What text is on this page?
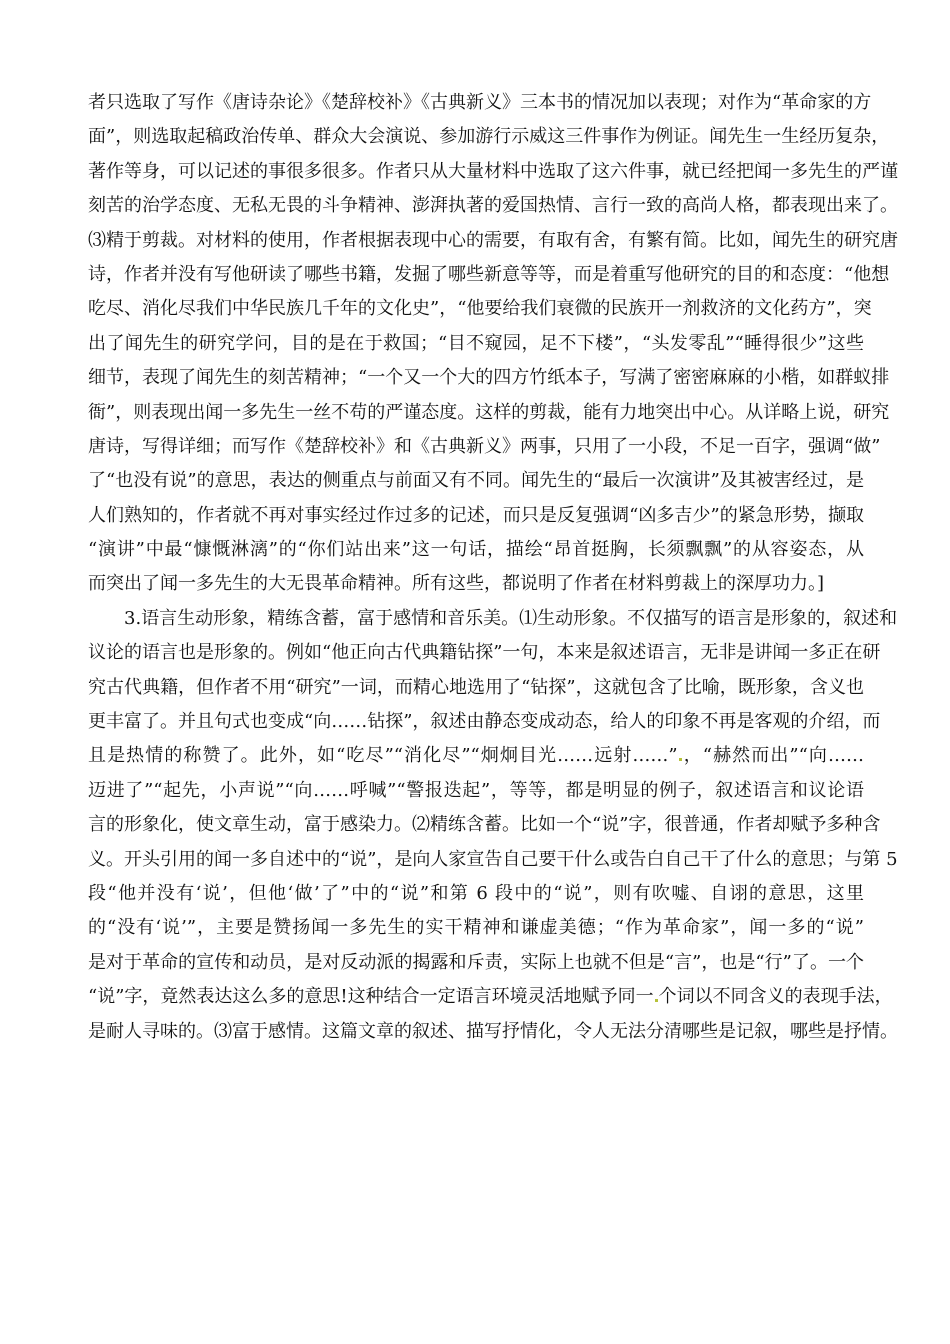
者只选取了写作《唐诗杂论》《楚辞校补》《古典新义》三本书的情况加以表现；对作为“革命家的方
面”，则选取起稿政治传单、群众大会演说、参加游行示威这三件事作为例证。闻先生一生经历复杂，
著作等身，可以记述的事很多很多。作者只从大量材料中选取了这六件事，就已经把闻一多先生的严谨
刻苦的治学态度、无私无畏的斗争精神、澎湃执著的爱国热情、言行一致的高尚人格，都表现出来了。
⑶精于剪裁。对材料的使用，作者根据表现中心的需要，有取有舍，有繁有简。比如，闻先生的研究唐
诗，作者并没有写他研读了哪些书籍，发掘了哪些新意等等，而是着重写他研究的目的和态度：“他想
吃尽、消化尽我们中华民族几千年的文化史”，“他要给我们衰微的民族开一剂救济的文化药方”，突
出了闻先生的研究学问，目的是在于救国；“目不窥园，足不下楼”，“头发零乱”“睡得很少”这些
细节，表现了闻先生的刻苦精神；“一个又一个大的四方竹纸本子，写满了密密麻麻的小楷，如群蚁排
衙”，则表现出闻一多先生一丝不苟的严谨态度。这样的剪裁，能有力地突出中心。从详略上说，研究
唐诗，写得详细；而写作《楚辞校补》和《古典新义》两事，只用了一小段，不足一百字，强调“做”
了“也没有说”的意思，表达的侧重点与前面又有不同。闻先生的“最后一次演讲”及其被害经过，是
人们熟知的，作者就不再对事实经过作过多的记述，而只是反复强调“凶多吉少”的紧急形势，撷取
“演讲”中最“慷慨淋漓”的“你们站出来”这一句话，描绘“昂首挺胸，长须飘飘”的从容姿态，从
而突出了闻一多先生的大无畏革命精神。所有这些，都说明了作者在材料剪裁上的深厚功力。]
3.语言生动形象，精练含蓄，富于感情和音乐美。⑴生动形象。不仅描写的语言是形象的，叙述和
议论的语言也是形象的。例如“他正向古代典籍钻探”一句，本来是叙述语言，无非是讲闻一多正在研
究古代典籍，但作者不用“研究”一词，而精心地选用了“钻探”，这就包含了比喻，既形象，含义也
更丰富了。并且句式也变成“向……钻探”，叙述由静态变成动态，给人的印象不再是客观的介绍，而
且是热情的称赞了。此外，如“吃尽”“消化尽”“炯炯目光……远射……” ，“赫然而出”“向……
迈进了”“起先，小声说”“向……呼喊”“警报迭起”，等等，都是明显的例子，叙述语言和议论语
言的形象化，使文章生动，富于感染力。⑵精练含蓄。比如一个“说”字，很普通，作者却赋予多种含
义。开头引用的闻一多自述中的“说”，是向人家宣告自己要干什么或告白自己干了什么的意思；与第 5
段“他并没有‘说’，但他‘做’了”中的“说”和第 6 段中的“说”，则有吹嘘、自诩的意思，这里
的“没有‘说’”，主要是赞扬闻一多先生的实干精神和谦虚美德；“作为革命家”，闻一多的“说”
是对于革命的宣传和动员，是对反动派的揭露和斥责，实际上也就不但是“言”，也是“行”了。一个
“说”字，竟然表达这么多的意思!这种结合一定语言环境灵活地赋予同一 个词以不同含义的表现手法，
是耐人寻味的。⑶富于感情。这篇文章的叙述、描写抒情化，令人无法分清哪些是记叙，哪些是抒情。
